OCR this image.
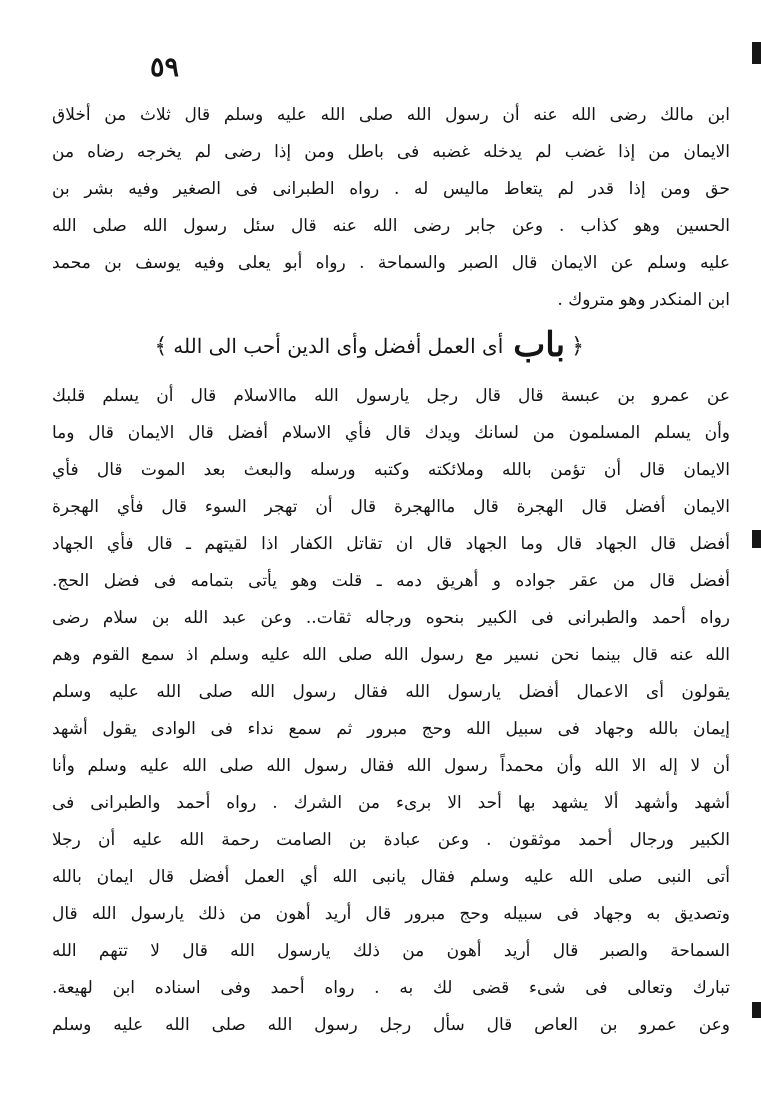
٥٩
ابن مالك رضى الله عنه أن رسول الله صلى الله عليه وسلم قال ثلاث من أخلاق
الايمان من إذا غضب لم يدخله غضبه فى باطل ومن إذا رضى لم يخرجه رضاه من
حق ومن إذا قدر لم يتعاط ماليس له . رواه الطبرانى فى الصغير وفيه بشر بن
الحسين وهو كذاب . وعن جابر رضى الله عنه قال سئل رسول الله صلى الله
عليه وسلم عن الايمان قال الصبر والسماحة . رواه أبو يعلى وفيه يوسف بن محمد
ابن المنكدر وهو متروك .
﴿بابأى العمل أفضل وأى الدين أحب الى الله﴾
عن عمرو بن عبسة قال قال رجل يارسول الله ماالاسلام قال أن يسلم قلبك
وأن يسلم المسلمون من لسانك ويدك قال فأي الاسلام أفضل قال الايمان قال وما
الايمان قال أن تؤمن بالله وملائكته وكتبه ورسله والبعث بعد الموت قال فأي
الايمان أفضل قال الهجرة قال ماالهجرة قال أن تهجر السوء قال فأي الهجرة
أفضل قال الجهاد قال وما الجهاد قال ان تقاتل الكفار اذا لقيتهم ـ قال فأي الجهاد
أفضل قال من عقر جواده و أهريق دمه ـ قلت وهو يأتى بتمامه فى فضل الحج.
رواه أحمد والطبرانى فى الكبير بنحوه ورجاله ثقات.. وعن عبد الله بن سلام رضى
الله عنه قال بينما نحن نسير مع رسول الله صلى الله عليه وسلم اذ سمع القوم وهم
يقولون أى الاعمال أفضل يارسول الله فقال رسول الله صلى الله عليه وسلم
إيمان بالله وجهاد فى سبيل الله وحج مبرور ثم سمع نداء فى الوادى يقول أشهد
أن لا إله الا الله وأن محمداً رسول الله فقال رسول الله صلى الله عليه وسلم وأنا
أشهد وأشهد ألا يشهد بها أحد الا برىء من الشرك . رواه أحمد والطبرانى فى
الكبير ورجال أحمد موثقون . وعن عبادة بن الصامت رحمة الله عليه أن رجلا
أتى النبى صلى الله عليه وسلم فقال يانبى الله أي العمل أفضل قال ايمان بالله
وتصديق به وجهاد فى سبيله وحج مبرور قال أريد أهون من ذلك يارسول الله قال
السماحة والصبر قال أريد أهون من ذلك يارسول الله قال لا تتهم الله
تبارك وتعالى فى شىء قضى لك به . رواه أحمد وفى اسناده ابن لهيعة.
وعن عمرو بن العاص قال سأل رجل رسول الله صلى الله عليه وسلم
